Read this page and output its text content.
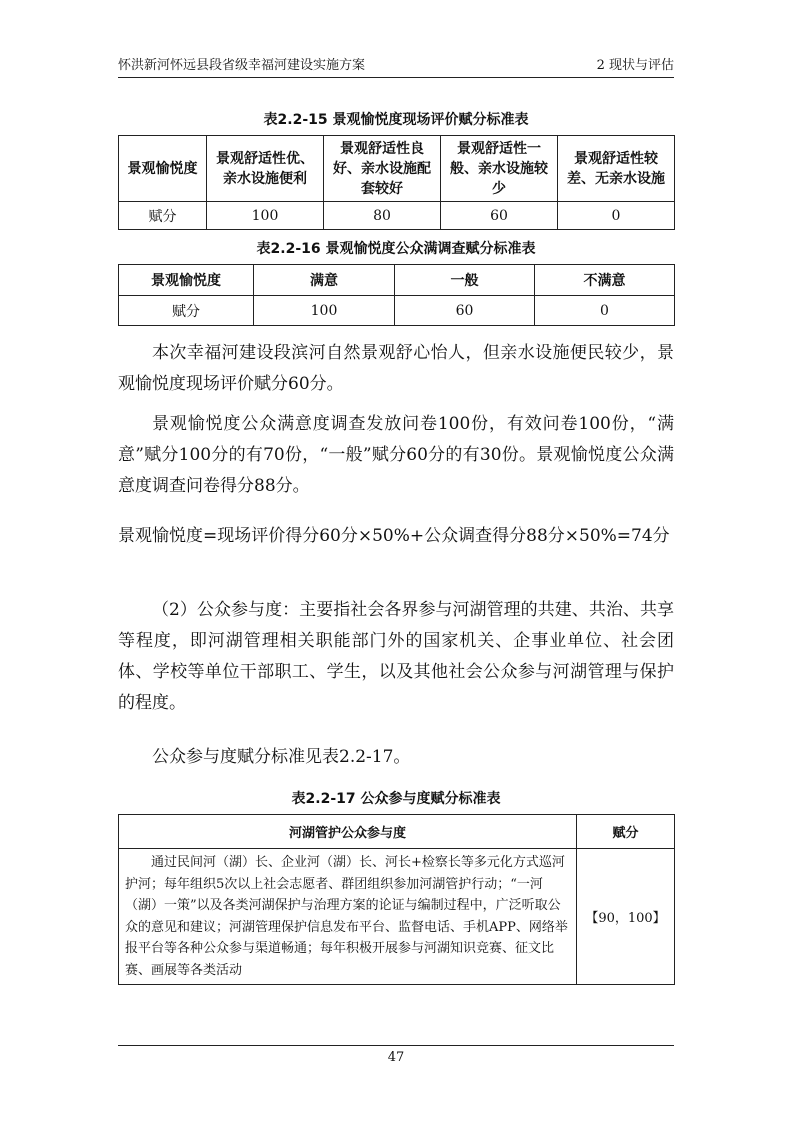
怀洪新河怀远县段省级幸福河建设实施方案	2 现状与评估
表2.2-15 景观愉悦度现场评价赋分标准表
景观愉悦度	景观舒适性优、亲水设施便利	景观舒适性良好、亲水设施配套较好	景观舒适性一般、亲水设施较少	景观舒适性较差、无亲水设施
赋分	100	80	60	0
表2.2-16 景观愉悦度公众满调查赋分标准表
景观愉悦度	满意	一般	不满意
赋分	100	60	0

本次幸福河建设段滨河自然景观舒心怡人，但亲水设施便民较少，景观愉悦度现场评价赋分60分。

景观愉悦度公众满意度调查发放问卷100份，有效问卷100份，“满意”赋分100分的有70份，“一般”赋分60分的有30份。景观愉悦度公众满意度调查问卷得分88分。

景观愉悦度=现场评价得分60分×50%+公众调查得分88分×50%=74分

（2）公众参与度：主要指社会各界参与河湖管理的共建、共治、共享等程度，即河湖管理相关职能部门外的国家机关、企事业单位、社会团体、学校等单位干部职工、学生，以及其他社会公众参与河湖管理与保护的程度。

公众参与度赋分标准见表2.2-17。

表2.2-17 公众参与度赋分标准表
河湖管护公众参与度	赋分
通过民间河（湖）长、企业河（湖）长、河长+检察长等多元化方式巡河护河；每年组织5次以上社会志愿者、群团组织参加河湖管护行动；“一河（湖）一策”以及各类河湖保护与治理方案的论证与编制过程中，广泛听取公众的意见和建议；河湖管理保护信息发布平台、监督电话、手机APP、网络举报平台等各种公众参与渠道畅通；每年积极开展参与河湖知识竞赛、征文比赛、画展等各类活动	【90，100】
47
